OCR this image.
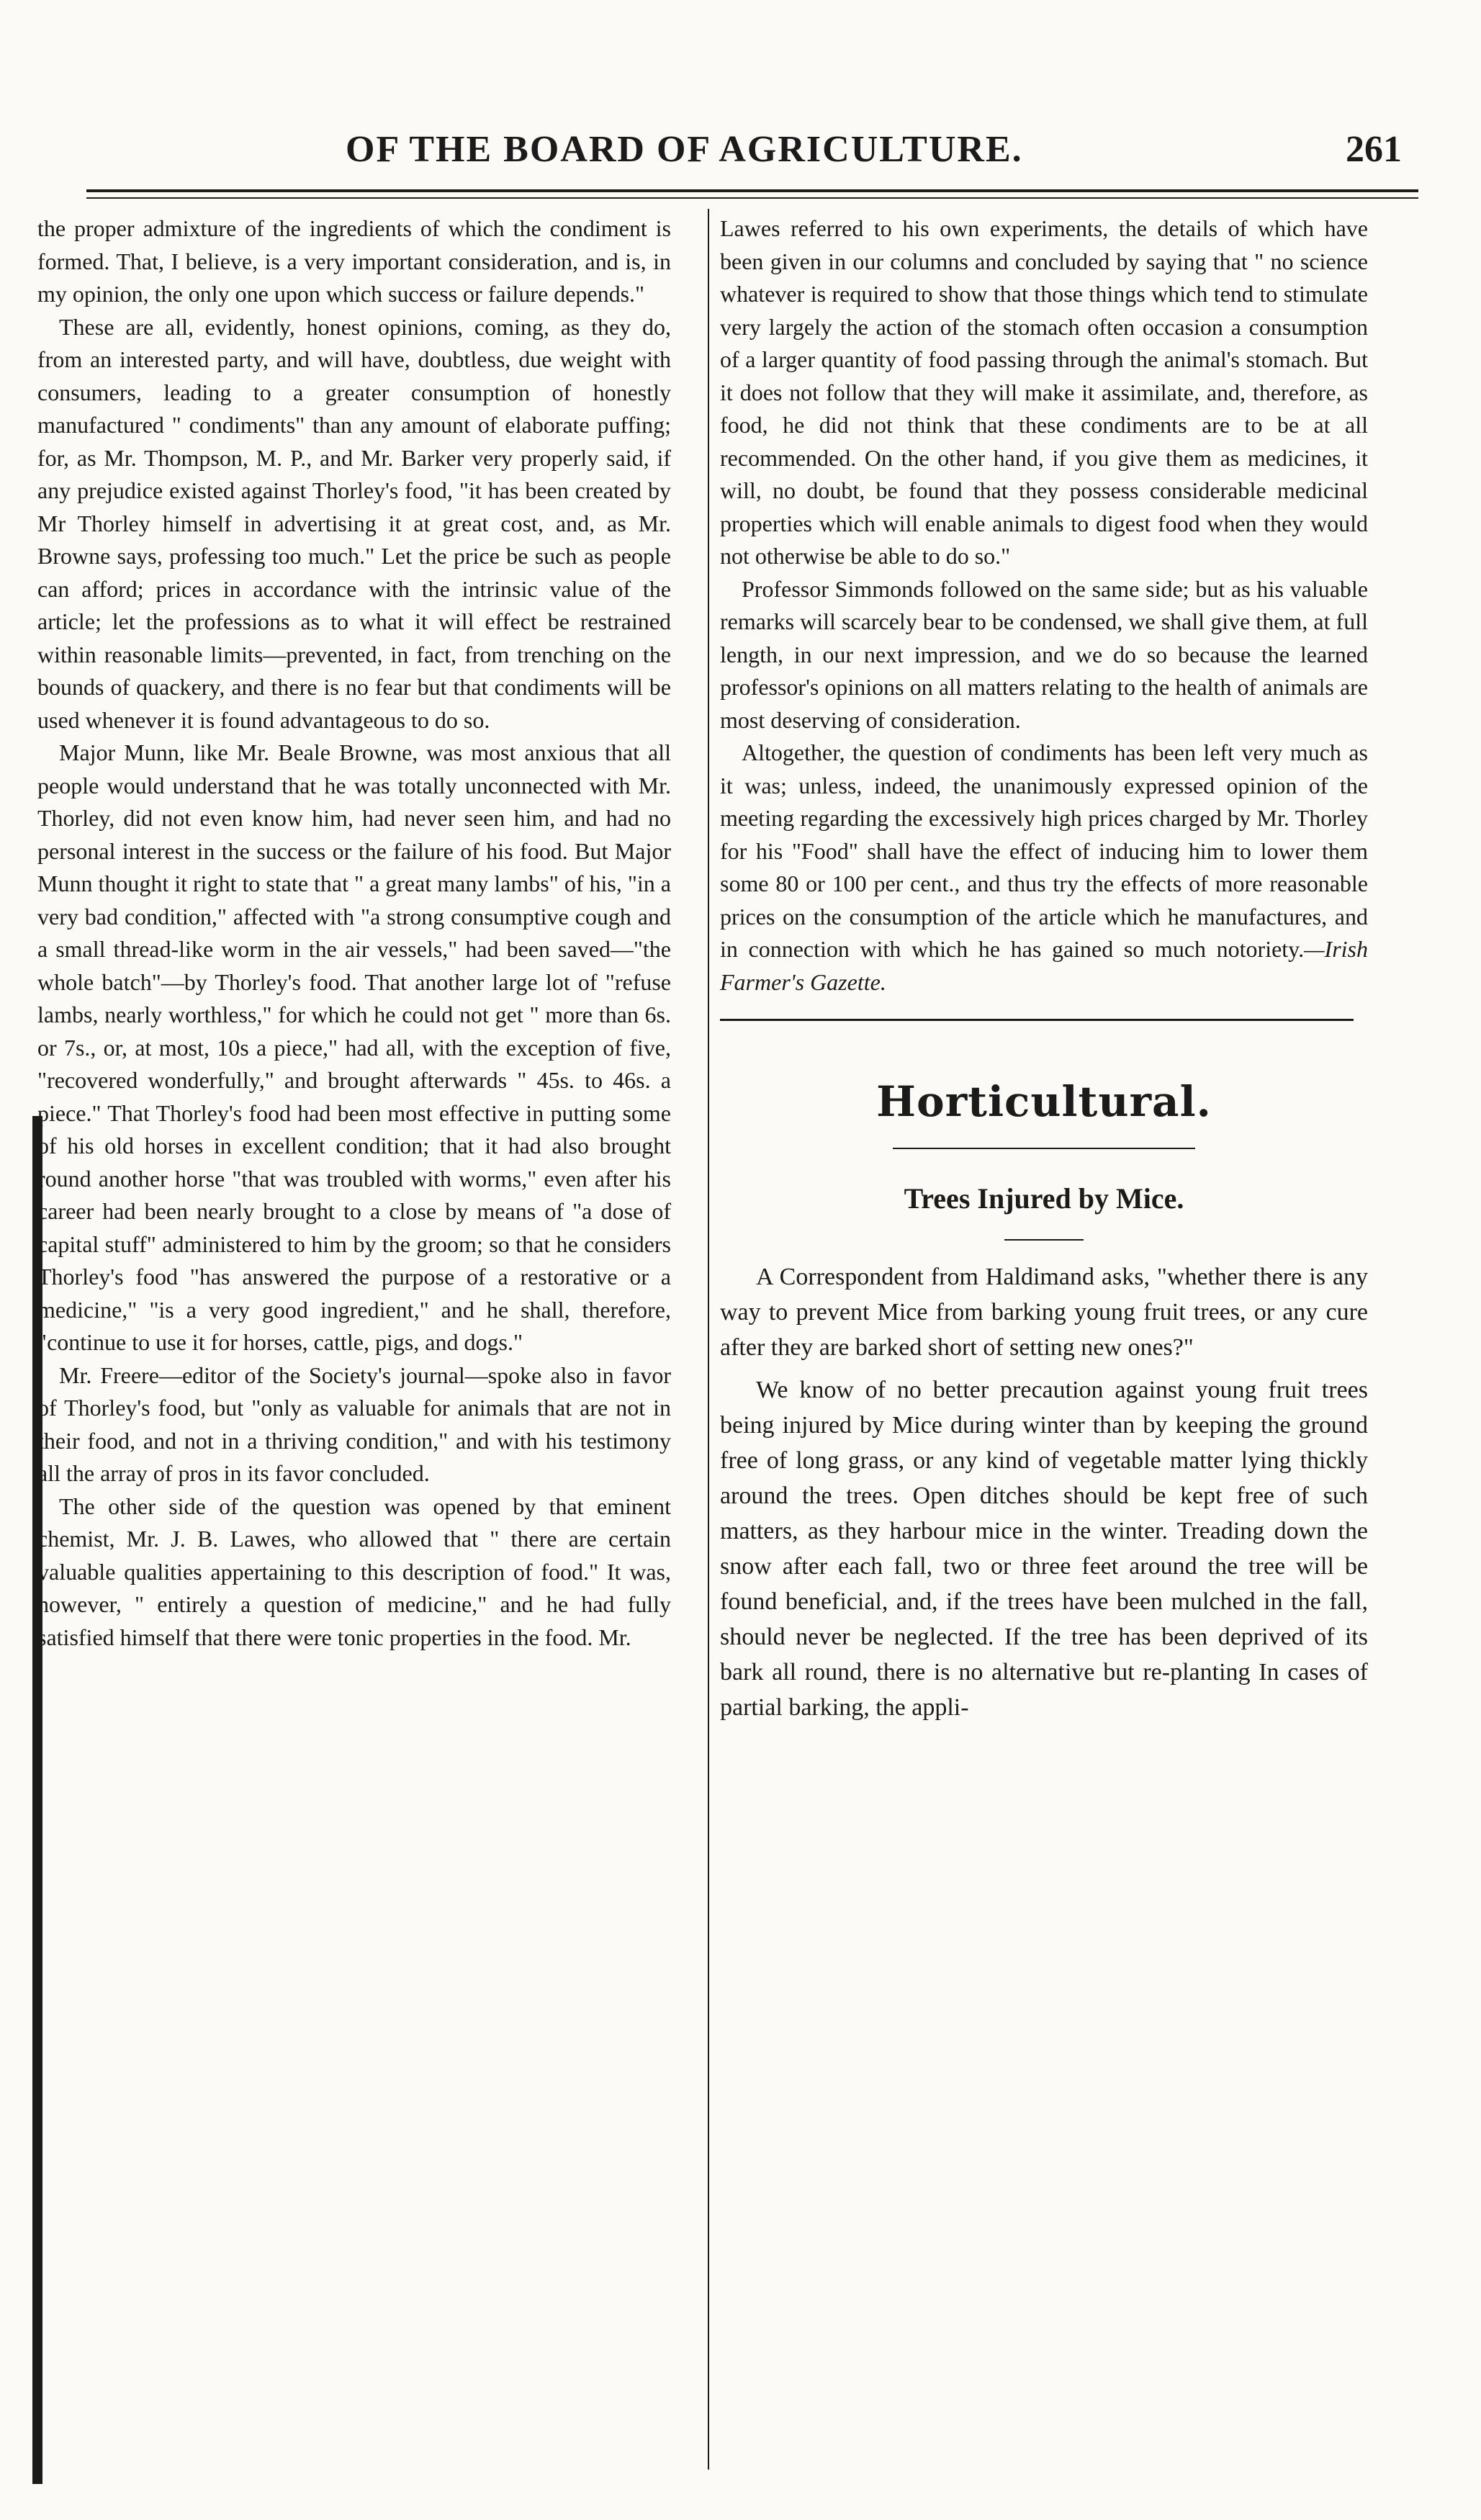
OF THE BOARD OF AGRICULTURE.	261

the proper admixture of the ingredients of which the condiment is formed. That, I believe, is a very important consideration, and is, in my opinion, the only one upon which success or failure depends."

These are all, evidently, honest opinions, coming, as they do, from an interested party, and will have, doubtless, due weight with consumers, leading to a greater consumption of honestly manufactured " condiments" than any amount of elaborate puffing; for, as Mr. Thompson, M. P., and Mr. Barker very properly said, if any prejudice existed against Thorley's food, "it has been created by Mr Thorley himself in advertising it at great cost, and, as Mr. Browne says, professing too much." Let the price be such as people can afford; prices in accordance with the intrinsic value of the article; let the professions as to what it will effect be restrained within reasonable limits—prevented, in fact, from trenching on the bounds of quackery, and there is no fear but that condiments will be used whenever it is found advantageous to do so.

Major Munn, like Mr. Beale Browne, was most anxious that all people would understand that he was totally unconnected with Mr. Thorley, did not even know him, had never seen him, and had no personal interest in the success or the failure of his food. But Major Munn thought it right to state that " a great many lambs" of his, "in a very bad condition," affected with "a strong consumptive cough and a small thread-like worm in the air vessels," had been saved—"the whole batch"—by Thorley's food. That another large lot of "refuse lambs, nearly worthless," for which he could not get " more than 6s. or 7s., or, at most, 10s a piece," had all, with the exception of five, "recovered wonderfully," and brought afterwards " 45s. to 46s. a piece." That Thorley's food had been most effective in putting some of his old horses in excellent condition; that it had also brought round another horse "that was troubled with worms," even after his career had been nearly brought to a close by means of "a dose of capital stuff" administered to him by the groom; so that he considers Thorley's food "has answered the purpose of a restorative or a medicine," "is a very good ingredient," and he shall, therefore, "continue to use it for horses, cattle, pigs, and dogs."

Mr. Freere—editor of the Society's journal—spoke also in favor of Thorley's food, but "only as valuable for animals that are not in their food, and not in a thriving condition," and with his testimony all the array of pros in its favor concluded.

The other side of the question was opened by that eminent chemist, Mr. J. B. Lawes, who allowed that " there are certain valuable qualities appertaining to this description of food." It was, however, " entirely a question of medicine," and he had fully satisfied himself that there were tonic properties in the food. Mr.

Lawes referred to his own experiments, the details of which have been given in our columns and concluded by saying that " no science whatever is required to show that those things which tend to stimulate very largely the action of the stomach often occasion a consumption of a larger quantity of food passing through the animal's stomach. But it does not follow that they will make it assimilate, and, therefore, as food, he did not think that these condiments are to be at all recommended. On the other hand, if you give them as medicines, it will, no doubt, be found that they possess considerable medicinal properties which will enable animals to digest food when they would not otherwise be able to do so."

Professor Simmonds followed on the same side; but as his valuable remarks will scarcely bear to be condensed, we shall give them, at full length, in our next impression, and we do so because the learned professor's opinions on all matters relating to the health of animals are most deserving of consideration.

Altogether, the question of condiments has been left very much as it was; unless, indeed, the unanimously expressed opinion of the meeting regarding the excessively high prices charged by Mr. Thorley for his "Food" shall have the effect of inducing him to lower them some 80 or 100 per cent., and thus try the effects of more reasonable prices on the consumption of the article which he manufactures, and in connection with which he has gained so much notoriety.—Irish Farmer's Gazette.

Horticultural.
Trees Injured by Mice.

A Correspondent from Haldimand asks, "whether there is any way to prevent Mice from barking young fruit trees, or any cure after they are barked short of setting new ones?"

We know of no better precaution against young fruit trees being injured by Mice during winter than by keeping the ground free of long grass, or any kind of vegetable matter lying thickly around the trees. Open ditches should be kept free of such matters, as they harbour mice in the winter. Treading down the snow after each fall, two or three feet around the tree will be found beneficial, and, if the trees have been mulched in the fall, should never be neglected. If the tree has been deprived of its bark all round, there is no alternative but re-planting In cases of partial barking, the appli-
